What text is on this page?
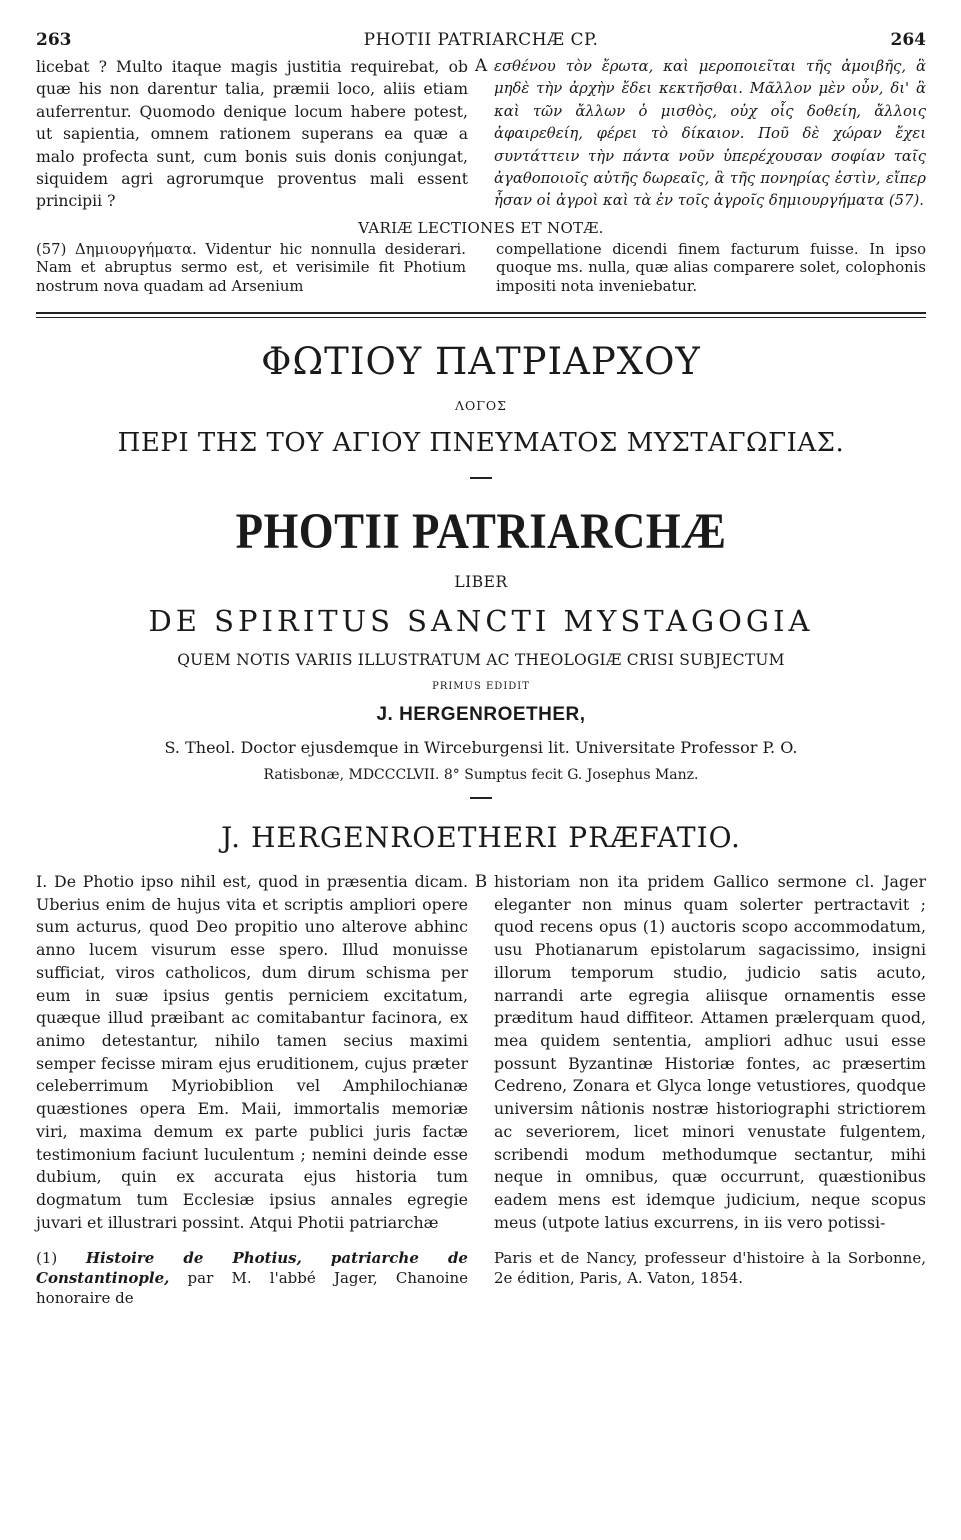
263	PHOTII PATRIARCHÆ CP.	264
licebat ? Multo itaque magis justitia requirebat, ob quæ his non darentur talia, præmii loco, aliis etiam auferrentur. Quomodo denique locum habere potest, ut sapientia, omnem rationem superans ea quæ a malo profecta sunt, cum bonis suis donis conjungat, siquidem agri agrorumque proventus mali essent principii ?
A εσθένου τὸν ἔρωτα, καὶ μεροποιεῖται τῆς ἀμοιβῆς, ἃ μηδὲ τὴν ἀρχὴν ἔδει κεκτῆσθαι. Μᾶλλον μὲν οὖν, δι' ἃ καὶ τῶν ἄλλων ὁ μισθὸς, οὐχ οἷς δοθείη, ἄλλοις ἀφαιρεθείη, φέρει τὸ δίκαιον. Ποῦ δὲ χώραν ἔχει συντάττειν τὴν πάντα νοῦν ὑπερέχουσαν σοφίαν ταῖς ἀγαθοποιοῖς αὐτῆς δωρεαῖς, ἃ τῆς πονηρίας ἐστὶν, εἴπερ ἦσαν οἱ ἀγροὶ καὶ τὰ ἐν τοῖς ἀγροῖς δημιουργήματα (57).
VARIÆ LECTIONES ET NOTÆ.
(57) Δημιουργήματα. Videntur hic nonnulla desiderari. Nam et abruptus sermo est, et verisimile fit Photium nostrum nova quadam ad Arsenium
compellatione dicendi finem facturum fuisse. In ipso quoque ms. nulla, quæ alias comparere solet, colophonis impositi nota inveniebatur.
ΦΩΤΙΟΥ ΠΑΤΡΙΑΡΧΟΥ
ΛΟΓΟΣ
ΠΕΡΙ ΤΗΣ ΤΟΥ ΑΓΙΟΥ ΠΝΕΥΜΑΤΟΣ ΜΥΣΤΑΓΩΓΙΑΣ.
PHOTII PATRIARCHÆ
LIBER
DE SPIRITUS SANCTI MYSTAGOGIA
QUEM NOTIS VARIIS ILLUSTRATUM AC THEOLOGIÆ CRISI SUBJECTUM
PRIMUS EDIDIT
J. HERGENROETHER,
S. Theol. Doctor ejusdemque in Wirceburgensi lit. Universitate Professor P. O.
Ratisbonæ, MDCCCLVII. 8° Sumptus fecit G. Josephus Manz.
J. HERGENROETHERI PRÆFATIO.
I. De Photio ipso nihil est, quod in præsentia dicam. Uberius enim de hujus vita et scriptis ampliori opere sum acturus, quod Deo propitio uno alterove abhinc anno lucem visurum esse spero. Illud monuisse sufficiat, viros catholicos, dum dirum schisma per eum in suæ ipsius gentis perniciem excitatum, quæque illud præibant ac comitabantur facinora, ex animo detestantur, nihilo tamen secius maximi semper fecisse miram ejus eruditionem, cujus præter celeberrimum Myriobiblion vel Amphilochianæ quæstiones opera Em. Maii, immortalis memoriæ viri, maxima demum ex parte publici juris factæ testimonium faciunt luculentum ; nemini deinde esse dubium, quin ex accurata ejus historia tum dogmatum tum Ecclesiæ ipsius annales egregie juvari et illustrari possint. Atqui Photii patriarchæ
B historiam non ita pridem Gallico sermone cl. Jager eleganter non minus quam solerter pertractavit ; quod recens opus (1) auctoris scopo accommodatum, usu Photianarum epistolarum sagacissimo, insigni illorum temporum studio, judicio satis acuto, narrandi arte egregia aliisque ornamentis esse præditum haud diffiteor. Attamen prælerquam quod, mea quidem sententia, ampliori adhuc usui esse possunt Byzantinæ Historiæ fontes, ac præsertim Cedreno, Zonara et Glyca longe vetustiores, quodque universim nâtionis nostræ historiographi strictiorem ac severiorem, licet minori venustate fulgentem, scribendi modum methodumque sectantur, mihi neque in omnibus, quæ occurrunt, quæstionibus eadem mens est idemque judicium, neque scopus meus (utpote latius excurrens, in iis vero potissi-
(1) Histoire de Photius, patriarche de Constantinople, par M. l'abbé Jager, Chanoine honoraire de
Paris et de Nancy, professeur d'histoire à la Sorbonne, 2e édition, Paris, A. Vaton, 1854.
